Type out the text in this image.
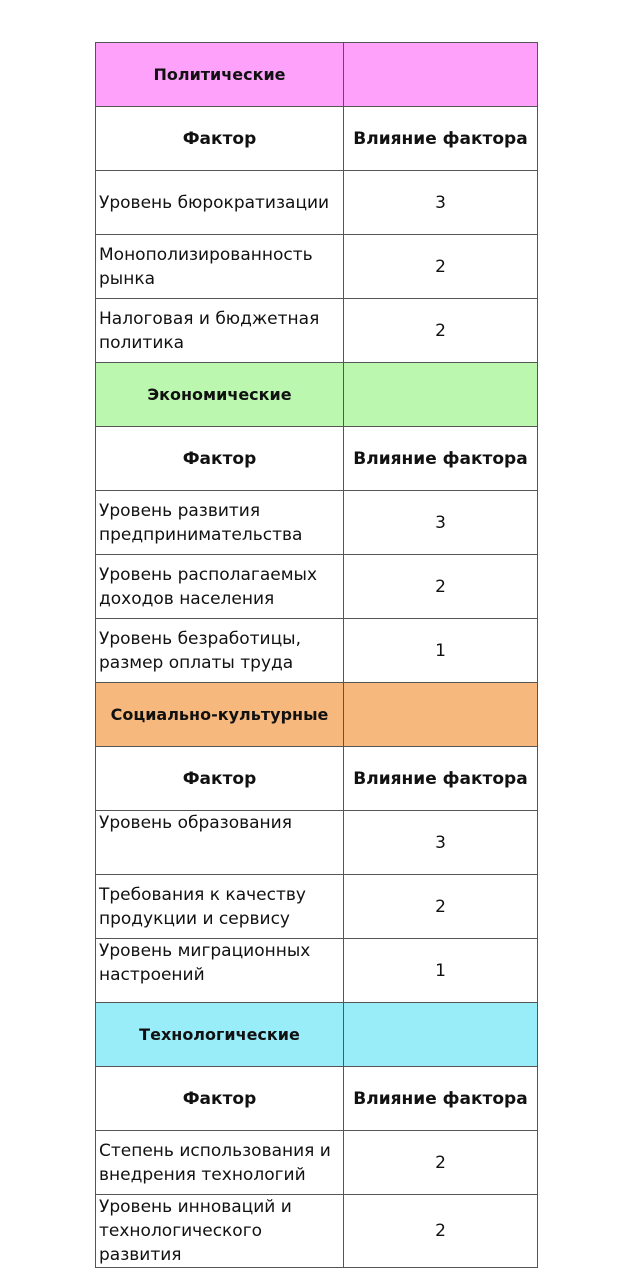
Политические	
Фактор	Влияние фактора
Уровень бюрократизации	3
Монополизированность рынка	2
Налоговая и бюджетная политика	2
Экономические	
Фактор	Влияние фактора
Уровень развития предпринимательства	3
Уровень располагаемых доходов населения	2
Уровень безработицы, размер оплаты труда	1
Социально-культурные	
Фактор	Влияние фактора
Уровень образования	3
Требования к качеству продукции и сервису	2
Уровень миграционных настроений	1
Технологические	
Фактор	Влияние фактора
Степень использования и внедрения технологий	2
Уровень инноваций и технологического развития	2
